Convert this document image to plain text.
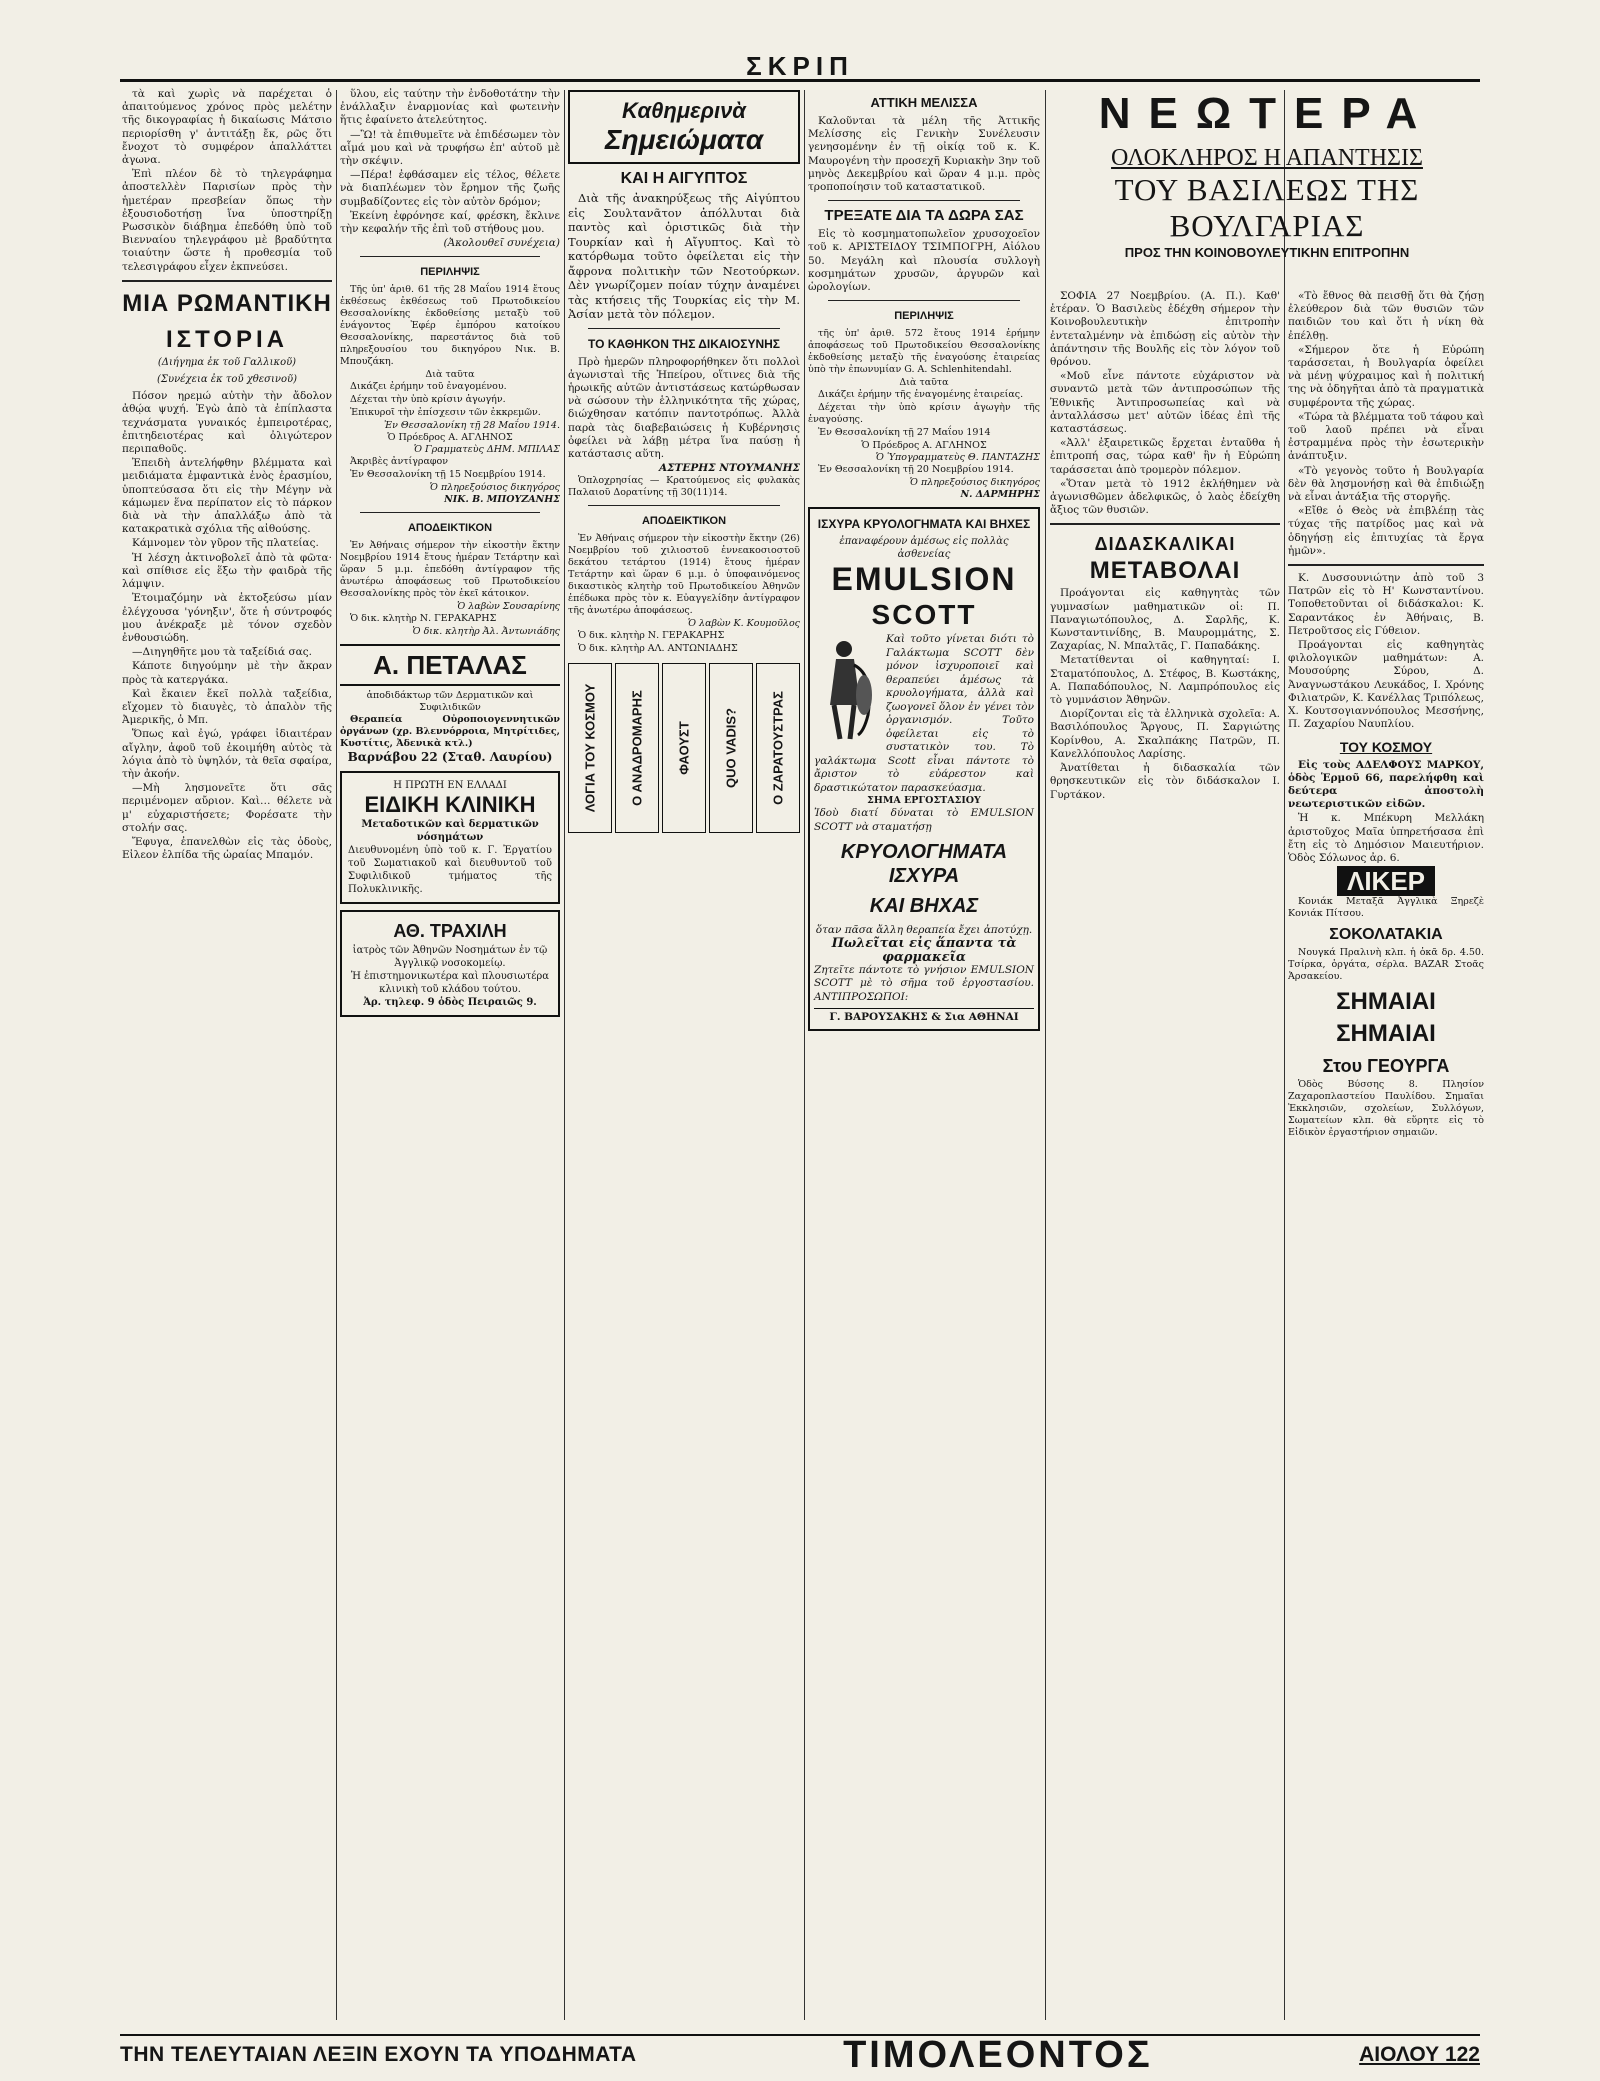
ΣΚΡΙΠ

τὰ καὶ χωρὶς νὰ παρέχεται ὁ ἀπαιτούμενος χρόνος πρὸς μελέτην τῆς δικογραφίας ἡ δικαίωσις Μάτσιο περιορίσθη γ' ἀντιτάξῃ ἔκ, ρῶς ὅτι ἔνοχοτ τὸ συμφέρον ἀπαλλάττει ἀγωνα.

Ἐπὶ πλέον δὲ τὸ τηλεγράφημα ἀποστελλὲν Παρισίων πρὸς τὴν ἡμετέραν πρεσβείαν ὅπως τὴν ἐξουσιοδοτήσῃ ἵνα ὑποστηρίξῃ Ρωσσικὸν διάβημα ἐπεδόθη ὑπὸ τοῦ Βιενναίου τηλεγράφου μὲ βραδύτητα τοιαύτην ὥστε ἡ προθεσμία τοῦ τελεσιγράφου εἶχεν ἐκπνεύσει.

ΜΙΑ ΡΩΜΑΝΤΙΚΗ
ΙΣΤΟΡΙΑ
(Διήγημα ἐκ τοῦ Γαλλικοῦ)
(Συνέχεια ἐκ τοῦ χθεσινοῦ)

Πόσον ηρεμώ αὐτὴν τὴν ἄδολον ἀθῴα ψυχή. Ἐγὼ ἀπὸ τὰ ἐπίπλαστα τεχνάσματα γυναικός ἐμπειροτέρας, ἐπιτηδειοτέρας καὶ ὀλιγώτερον περιπαθοῦς.

Ἐπειδὴ ἀντελήφθην βλέμματα καὶ μειδιάματα ἐμφαντικὰ ἐνὸς ἐρασμίου, ὑποπτεύσασα ὅτι εἰς τὴν Μέγην νὰ κάμωμεν ἕνα περίπατον εἰς τὸ πάρκον διὰ νὰ τὴν ἀπαλλάξω ἀπὸ τὰ κατακρατικὰ σχόλια τῆς αἰθούσης.

Κάμνομεν τὸν γῦρον τῆς πλατείας.

Ἡ λέσχη ἀκτινοβολεῖ ἀπὸ τὰ φῶτα· καὶ σπίθισε εἰς ἕξω τὴν φαιδρὰ τῆς λάμψιν.

Ἐτοιμαζόμην νὰ ἐκτοξεύσω μίαν ἐλέγχουσα 'γόνηξιν', ὅτε ἡ σύντροφός μου ἀνέκραξε μὲ τόνον σχεδὸν ἐνθουσιώδη.

—Διηγηθῆτε μου τὰ ταξείδιά σας.

Κάποτε διηγούμην μὲ τὴν ἄκραν πρὸς τὰ κατεργάκα.

Καὶ ἔκαιεν ἔκεῖ πολλὰ ταξείδια, εἴχομεν τὸ διαυγὲς, τὸ ἀπαλὸν τῆς Ἀμερικῆς, ὁ Μπ.

Ὅπως καὶ ἐγώ, γράφει ἰδιαιτέραν αἴγλην, ἀφοῦ τοῦ ἐκοιμήθη αὐτὸς τὰ λόγια ἀπὸ τὸ ὑψηλόν, τὰ θεῖα σφαίρα, τὴν ἀκοήν.

—Μὴ λησμονεῖτε ὅτι σᾶς περιμένομεν αὔριον. Καὶ… θέλετε νὰ μ' εὐχαριστήσετε; Φορέσατε τὴν στολήν σας.

Ἔφυγα, ἐπανελθὼν εἰς τὰς ὁδοὺς, Εἰλεον ἐλπίδα τῆς ὡραίας Μπαμόν.

ὕλου, εἰς ταύτην τὴν ἐνδοθοτάτην τὴν ἐνάλλαξιν ἐναρμονίας καὶ φωτεινὴν ἥτις ἐφαίνετο ἀτελεύτητος.

—Ὢ! τὰ ἐπιθυμεῖτε νὰ ἐπιδέσωμεν τὸν αἷμά μου καὶ νὰ τρυφήσω ἐπ' αὐτοῦ μὲ τὴν σκέψιν.

—Πέρα! ἐφθάσαμεν εἰς τέλος, θέλετε νὰ διαπλέωμεν τὸν ἔρημον τῆς ζωῆς συμβαδίζοντες εἰς τὸν αὐτὸν δρόμον;

Ἐκείνη ἐφρόνησε καί, φρέσκη, ἔκλινε τὴν κεφαλήν τῆς ἐπὶ τοῦ στήθους μου.

(Ἀκολουθεῖ συνέχεια)

ΠΕΡΙΛΗΨΙΣ

Τῆς ὑπ' ἀριθ. 61 τῆς 28 Μαΐου 1914 ἔτους ἐκθέσεως ἐκθέσεως τοῦ Πρωτοδικείου Θεσσαλονίκης ἐκδοθείσης μεταξὺ τοῦ ἐνάγοντος Ἐφέρ ἐμπόρου κατοίκου Θεσσαλονίκης, παρεστάντος διὰ τοῦ πληρεξουσίου του δικηγόρου Νικ. Β. Μπουζάκη.

Διὰ ταῦτα

Δικάζει ἐρήμην τοῦ ἐναγομένου.

Δέχεται τὴν ὑπὸ κρίσιν ἀγωγήν.

Ἐπικυροῖ τὴν ἐπίσχεσιν τῶν ἐκκρεμῶν.

Ἐν Θεσσαλονίκη τῇ 28 Μαΐου 1914.

Ὁ Πρόεδρος Α. ΑΓΛΗΝΟΣ

Ὁ Γραμματεὺς ΔΗΜ. ΜΠΙΛΑΣ

Ἀκριβὲς ἀντίγραφον

Ἐν Θεσσαλονίκη τῇ 15 Νοεμβρίου 1914.

Ὁ πληρεξούσιος δικηγόρος

ΝΙΚ. Β. ΜΠΟΥΖΑΝΗΣ

ΑΠΟΔΕΙΚΤΙΚΟΝ

Ἐν Ἀθήναις σήμερον τὴν εἰκοστὴν ἕκτην Νοεμβρίου 1914 ἔτους ἡμέραν Τετάρτην καὶ ὥραν 5 μ.μ. ἐπεδόθη ἀντίγραφον τῆς ἀνωτέρω ἀποφάσεως τοῦ Πρωτοδικείου Θεσσαλονίκης πρὸς τὸν ἐκεῖ κάτοικον.

Ὁ λαβὼν Σουσαρίνης

Ὁ δικ. κλητὴρ Ν. ΓΕΡΑΚΑΡΗΣ

Ὁ δικ. κλητὴρ Ἀλ. Ἀντωνιάδης

Α. ΠΕΤΑΛΑΣ

ἀποδιδάκτωρ τῶν Δερματικῶν καὶ Συφιλιδικῶν

Θεραπεία Οὐροποιογεννητικῶν ὀργάνων (χρ. Βλεννόρροια, Μητρίτιδες, Κυστίτις, Ἀδενικὰ κτλ.)

Βαρνάβου 22 (Σταθ. Λαυρίου)

Η ΠΡΩΤΗ ΕΝ ΕΛΛΑΔΙ
ΕΙΔΙΚΗ ΚΛΙΝΙΚΗ
Μεταδοτικῶν καὶ δερματικῶν νόσημάτων
Διευθυνομένη ὑπὸ τοῦ κ. Γ. Ἐργατίου τοῦ Σωματιακοῦ καὶ διευθυντοῦ τοῦ Συφιλιδικοῦ τμήματος τῆς Πολυκλινικῆς.
ΑΘ. ΤΡΑΧΙΛΗ
ἰατρὸς τῶν Ἀθηνῶν Νοσημάτων ἐν τῷ Ἀγγλικῷ νοσοκομείῳ.
Ἡ ἐπιστημονικωτέρα καὶ πλουσιωτέρα κλινικὴ τοῦ κλάδου τούτου.
Ἀρ. τηλεφ. 9 ὁδὸς Πειραιῶς 9.
Καθημερινὰ
Σημειώματα
ΚΑΙ Η ΑΙΓΥΠΤΟΣ

Διὰ τῆς ἀνακηρύξεως τῆς Αἰγύπτου εἰς Σουλτανᾶτον ἀπόλλυται διὰ παντὸς καὶ ὁριστικῶς διὰ τὴν Τουρκίαν καὶ ἡ Αἴγυπτος. Καὶ τὸ κατόρθωμα τοῦτο ὀφείλεται εἰς τὴν ἄφρονα πολιτικὴν τῶν Νεοτούρκων. Δὲν γνωρίζομεν ποίαν τύχην ἀναμένει τὰς κτήσεις τῆς Τουρκίας εἰς τὴν Μ. Ἀσίαν μετὰ τὸν πόλεμον.

ΤΟ ΚΑΘΗΚΟΝ ΤΗΣ ΔΙΚΑΙΟΣΥΝΗΣ

Πρὸ ἡμερῶν πληροφορήθηκεν ὅτι πολλοὶ ἀγωνισταὶ τῆς Ἠπείρου, οἵτινες διὰ τῆς ἡρωικῆς αὐτῶν ἀντιστάσεως κατώρθωσαν νὰ σώσουν τὴν ἑλληνικότητα τῆς χώρας, διώχθησαν κατόπιν παντοτρόπως. Ἀλλὰ παρὰ τὰς διαβεβαιώσεις ἡ Κυβέρνησις ὀφείλει νὰ λάβῃ μέτρα ἵνα παύσῃ ἡ κατάστασις αὕτη.

ΑΣΤΕΡΗΣ ΝΤΟΥΜΑΝΗΣ

Ὁπλοχρησίας — Κρατούμενος εἰς φυλακὰς Παλαιοῦ Δορατίνης τῇ 30(11)14.

ΑΠΟΔΕΙΚΤΙΚΟΝ

Ἐν Ἀθήναις σήμερον τὴν εἰκοστὴν ἕκτην (26) Νοεμβρίου τοῦ χιλιοστοῦ ἐννεακοσιοστοῦ δεκάτου τετάρτου (1914) ἔτους ἡμέραν Τετάρτην καὶ ὥραν 6 μ.μ. ὁ ὑποφαινόμενος δικαστικὸς κλητὴρ τοῦ Πρωτοδικείου Ἀθηνῶν ἐπέδωκα πρὸς τὸν κ. Εὐαγγελίδην ἀντίγραφον τῆς ἀνωτέρω ἀποφάσεως.

Ὁ λαβὼν Κ. Κουμοῦλος

Ὁ δικ. κλητὴρ Ν. ΓΕΡΑΚΑΡΗΣ

Ὁ δικ. κλητὴρ ΑΛ. ΑΝΤΩΝΙΑΔΗΣ

ΛΟΓΙΑ ΤΟΥ ΚΟΣΜΟΥ Ο ΑΝΑΔΡΟΜΑΡΗΣ ΦΑΟΥΣΤ QUO VADIS? Ο ΖΑΡΑΤΟΥΣΤΡΑΣ
ΑΤΤΙΚΗ ΜΕΛΙΣΣΑ

Καλοῦνται τὰ μέλη τῆς Ἀττικῆς Μελίσσης εἰς Γενικὴν Συνέλευσιν γενησομένην ἐν τῇ οἰκίᾳ τοῦ κ. Κ. Μαυρογένη τὴν προσεχῆ Κυριακὴν 3ην τοῦ μηνὸς Δεκεμβρίου καὶ ὥραν 4 μ.μ. πρὸς τροποποίησιν τοῦ καταστατικοῦ.

ΤΡΕΞΑΤΕ ΔΙΑ ΤΑ ΔΩΡΑ ΣΑΣ

Εἰς τὸ κοσμηματοπωλεῖον χρυσοχοεῖον τοῦ κ. ΑΡΙΣΤΕΙΔΟΥ ΤΣΙΜΠΟΓΡΗ, Αἰόλου 50. Μεγάλη καὶ πλουσία συλλογὴ κοσμημάτων χρυσῶν, ἀργυρῶν καὶ ὡρολογίων.

ΠΕΡΙΛΗΨΙΣ

τῆς ὑπ' ἀριθ. 572 ἔτους 1914 ἐρήμην ἀποφάσεως τοῦ Πρωτοδικείου Θεσσαλονίκης ἐκδοθείσης μεταξὺ τῆς ἐναγούσης ἐταιρείας ὑπὸ τὴν ἐπωνυμίαν G. A. Schlenhitendahl.

Διὰ ταῦτα

Δικάζει ἐρήμην τῆς ἐναγομένης ἑταιρείας.

Δέχεται τὴν ὑπὸ κρίσιν ἀγωγὴν τῆς ἐναγούσης.

Ἐν Θεσσαλονίκη τῇ 27 Μαΐου 1914

Ὁ Πρόεδρος Α. ΑΓΛΗΝΟΣ

Ὁ Ὑπογραμματεὺς Θ. ΠΑΝΤΑΖΗΣ

Ἐν Θεσσαλονίκη τῇ 20 Νοεμβρίου 1914.

Ὁ πληρεξούσιος δικηγόρος

Ν. ΔΑΡΜΗΡΗΣ

ΙΣΧΥΡΑ ΚΡΥΟΛΟΓΗΜΑΤΑ ΚΑΙ ΒΗΧΕΣ
ἐπαναφέρουν ἀμέσως εἰς πολλὰς ἀσθενείας
EMULSION
SCOTT

Καὶ τοῦτο γίνεται διότι τὸ Γαλάκτωμα SCOTT δὲν μόνον ἰσχυροποιεῖ καὶ θεραπεύει ἀμέσως τὰ κρυολογήματα, ἀλλὰ καὶ ζωογονεῖ ὅλον ἐν γένει τὸν ὀργανισμόν. Τοῦτο ὀφείλεται εἰς τὸ συστατικὸν του. Τὸ γαλάκτωμα Scott εἶναι πάντοτε τὸ ἄριστον τὸ εὐάρεστον καὶ δραστικώτατον παρασκεύασμα.

ΣΗΜΑ ΕΡΓΟΣΤΑΣΙΟΥ

Ἰδοὺ διατί δύναται τὸ EMULSION SCOTT νὰ σταματήσῃ

ΚΡΥΟΛΟΓΗΜΑΤΑ ΙΣΧΥΡΑ
ΚΑΙ ΒΗΧΑΣ

ὅταν πᾶσα ἄλλη θεραπεία ἔχει ἀποτύχῃ.

Πωλεῖται εἰς ἅπαντα τὰ φαρμακεῖα

Ζητεῖτε πάντοτε τὸ γνήσιον EMULSION SCOTT μὲ τὸ σῆμα τοῦ ἐργοστασίου. ΑΝΤΙΠΡΟΣΩΠΟΙ:

Γ. ΒΑΡΟΥΣΑΚΗΣ & Σια ΑΘΗΝΑΙ

ΝΕΩΤΕΡΑ
ΟΛΟΚΛΗΡΟΣ Η ΑΠΑΝΤΗΣΙΣ
ΤΟΥ ΒΑΣΙΛΕΩΣ ΤΗΣ ΒΟΥΛΓΑΡΙΑΣ
ΠΡΟΣ ΤΗΝ ΚΟΙΝΟΒΟΥΛΕΥΤΙΚΗΝ ΕΠΙΤΡΟΠΗΝ

ΣΟΦΙΑ 27 Νοεμβρίου. (Α. Π.). Καθ' ἑτέραν. Ὁ Βασιλεὺς ἐδέχθη σήμερον τὴν Κοινοβουλευτικὴν ἐπιτροπὴν ἐντεταλμένην νὰ ἐπιδώσῃ εἰς αὐτὸν τὴν ἀπάντησιν τῆς Βουλῆς εἰς τὸν λόγον τοῦ θρόνου.

«Μοῦ εἶνε πάντοτε εὐχάριστον νὰ συναντῶ μετὰ τῶν ἀντιπροσώπων τῆς Ἐθνικῆς Ἀντιπροσωπείας καὶ νὰ ἀνταλλάσσω μετ' αὐτῶν ἰδέας ἐπὶ τῆς καταστάσεως.

«Ἀλλ' ἐξαιρετικῶς ἔρχεται ἐνταῦθα ἡ ἐπιτροπή σας, τώρα καθ' ἣν ἡ Εὐρώπη ταράσσεται ἀπὸ τρομερὸν πόλεμον.

«Ὅταν μετὰ τὸ 1912 ἐκλήθημεν νὰ ἀγωνισθῶμεν ἀδελφικῶς, ὁ λαὸς ἐδείχθη ἄξιος τῶν θυσιῶν.

ΔΙΔΑΣΚΑΛΙΚΑΙ
ΜΕΤΑΒΟΛΑΙ

Προάγονται εἰς καθηγητὰς τῶν γυμνασίων μαθηματικῶν οἱ: Π. Παναγιωτόπουλος, Δ. Σαρλῆς, Κ. Κωνσταντινίδης, Β. Μαυρομμάτης, Σ. Ζαχαρίας, Ν. Μπαλτᾶς, Γ. Παπαδάκης.

Μετατίθενται οἱ καθηγηταί: Ι. Σταματόπουλος, Δ. Στέφος, Β. Κωστάκης, Α. Παπαδόπουλος, Ν. Λαμπρόπουλος εἰς τὸ γυμνάσιον Ἀθηνῶν.

Διορίζονται εἰς τὰ ἑλληνικὰ σχολεῖα: Α. Βασιλόπουλος Ἄργους, Π. Σαργιώτης Κορίνθου, Α. Σκαλπάκης Πατρῶν, Π. Κανελλόπουλος Λαρίσης.

Ἀνατίθεται ἡ διδασκαλία τῶν θρησκευτικῶν εἰς τὸν διδάσκαλον Ι. Γυρτάκον.

«Τὸ ἔθνος θὰ πεισθῇ ὅτι θὰ ζήσῃ ἐλεύθερον διὰ τῶν θυσιῶν τῶν παιδιῶν του καὶ ὅτι ἡ νίκη θὰ ἐπέλθῃ.

«Σήμερον ὅτε ἡ Εὐρώπη ταράσσεται, ἡ Βουλγαρία ὀφείλει νὰ μένῃ ψύχραιμος καὶ ἡ πολιτική της νὰ ὁδηγῆται ἀπὸ τὰ πραγματικὰ συμφέροντα τῆς χώρας.

«Τώρα τὰ βλέμματα τοῦ τάφου καὶ τοῦ λαοῦ πρέπει νὰ εἶναι ἐστραμμένα πρὸς τὴν ἐσωτερικὴν ἀνάπτυξιν.

«Τὸ γεγονὸς τοῦτο ἡ Βουλγαρία δὲν θὰ λησμονήσῃ καὶ θὰ ἐπιδιώξῃ νὰ εἶναι ἀντάξια τῆς στοργῆς.

«Εἴθε ὁ Θεὸς νὰ ἐπιβλέπῃ τὰς τύχας τῆς πατρίδος μας καὶ νὰ ὁδηγήσῃ εἰς ἐπιτυχίας τὰ ἔργα ἡμῶν».

Κ. Δυσσουνιώτην ἀπὸ τοῦ 3 Πατρῶν εἰς τὸ Η' Κωνσταντίνου. Τοποθετοῦνται οἱ διδάσκαλοι: Κ. Σαραντάκος ἐν Ἀθήναις, Β. Πετροῦτσος εἰς Γύθειον.

Προάγονται εἰς καθηγητὰς φιλολογικῶν μαθημάτων: Α. Μουσούρης Σύρου, Δ. Ἀναγνωστάκου Λευκάδος, Ι. Χρόνης Φιλιατρῶν, Κ. Κανέλλας Τριπόλεως, Χ. Κουτσογιαννόπουλος Μεσσήνης, Π. Ζαχαρίου Ναυπλίου.

ΤΟΥ ΚΟΣΜΟΥ

Εἰς τοὺς ΑΔΕΛΦΟΥΣ ΜΑΡΚΟΥ, ὁδὸς Ἑρμοῦ 66, παρελήφθη καὶ δεύτερα ἀποστολὴ νεωτεριστικῶν εἰδῶν.

Ἡ κ. Μπέκυρη Μελλάκη ἀριστοῦχος Μαῖα ὑπηρετήσασα ἐπὶ ἔτη εἰς τὸ Δημόσιον Μαιευτήριον. Ὁδὸς Σόλωνος ἀρ. 6.

ΛΙΚΕΡ

Κονιάκ Μεταξᾶ Ἀγγλικὰ Ξηρεζὲ Κονιάκ Πίτσου.

ΣΟΚΟΛΑΤΑΚΙΑ

Νουγκά Πραλινὴ κλπ. ἡ ὀκᾶ δρ. 4.50. Τσίρκα, ὁργάτα, σέρλα. BAZAR Στοᾶς Ἀρσακείου.

ΣΗΜΑΙΑΙ
ΣΗΜΑΙΑΙ
Στου ΓΕΟΥΡΓΑ

Ὁδὸς Βύσσης 8. Πλησίον Ζαχαρoπλαστείου Παυλίδου. Σημαῖαι Ἐκκλησιῶν, σχολείων, Συλλόγων, Σωματείων κλπ. θὰ εὕρητε εἰς τὸ Εἰδικὸν ἐργαστήριον σημαιῶν.

ΤΗΝ ΤΕΛΕΥΤΑΙΑΝ ΛΕΞΙΝ ΕΧΟΥΝ ΤΑ ΥΠΟΔΗΜΑΤΑ	ΤΙΜΟΛΕΟΝΤΟΣ	ΑΙΟΛΟΥ 122
